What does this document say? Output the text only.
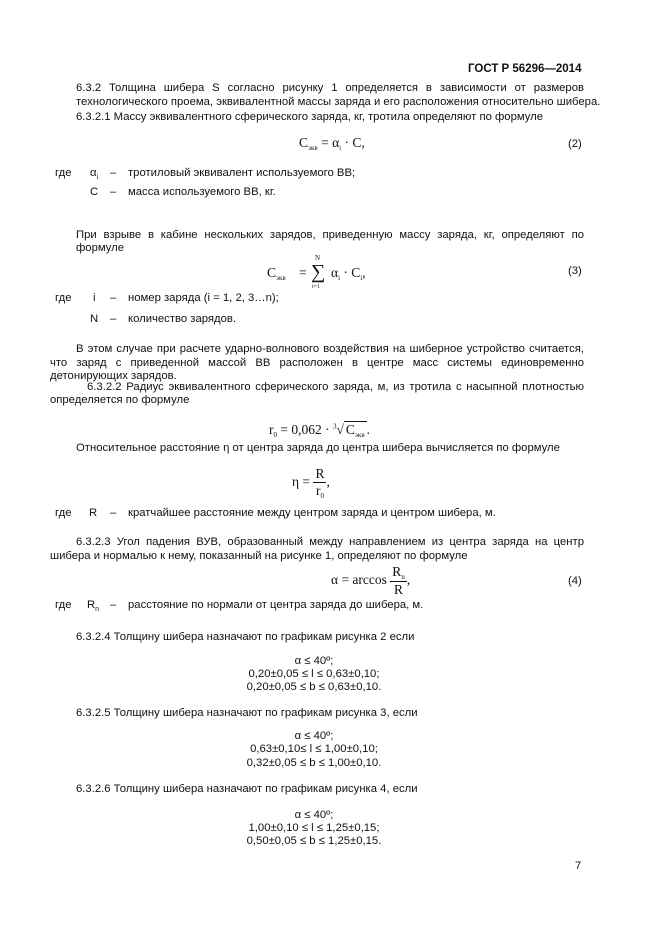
ГОСТ Р 56296—2014
6.3.2 Толщина шибера S согласно рисунку 1 определяется в зависимости от размеров
технологического проема, эквивалентной массы заряда и его расположения относительно шибера.
6.3.2.1 Массу эквивалентного сферического заряда, кг, тротила определяют по формуле
$C_{экв} = \alpha_i \cdot C$,	(2)
где $\alpha_i$ – тротиловый эквивалент используемого ВВ;
C – масса используемого ВВ, кг.
При взрыве в кабине нескольких зарядов, приведенную массу заряда, кг, определяют по
формуле
$C_{экв}$ =
N
∑
i=1
$\alpha_i \cdot C_i$,	(3)
где i – номер заряда (i = 1, 2, 3…n);
N – количество зарядов.
В этом случае при расчете ударно-волнового воздействия на шиберное устройство считается,
что заряд с приведенной массой ВВ расположен в центре масс системы единовременно
детонирующих зарядов.
6.3.2.2 Радиус эквивалентного сферического заряда, м, из тротила с насыпной плотностью
определяется по формуле
$r_0 = 0,062 \cdot ^3√$ $C_{экв}$ .
Относительное расстояние η от центра заряда до центра шибера вычисляется по формуле
$\eta = \frac{R}{r_0}$ ,
где R – кратчайшее расстояние между центром заряда и центром шибера, м.
6.3.2.3 Угол падения ВУВ, образованный между направлением из центра заряда на центр
шибера и нормалью к нему, показанный на рисунке 1, определяют по формуле
$\alpha = \arccos \frac{R_n}{R}$ ,	(4)
где $R_n$ – расстояние по нормали от центра заряда до шибера, м.
6.3.2.4 Толщину шибера назначают по графикам рисунка 2 если
α ≤ 40º;
0,20±0,05 ≤ l ≤ 0,63±0,10;
0,20±0,05 ≤ b ≤ 0,63±0,10.
6.3.2.5 Толщину шибера назначают по графикам рисунка 3, если
α ≤ 40º;
0,63±0,10≤ l ≤ 1,00±0,10;
0,32±0,05 ≤ b ≤ 1,00±0,10.
6.3.2.6 Толщину шибера назначают по графикам рисунка 4, если
α ≤ 40º;
1,00±0,10 ≤ l ≤ 1,25±0,15;
0,50±0,05 ≤ b ≤ 1,25±0,15.
7
